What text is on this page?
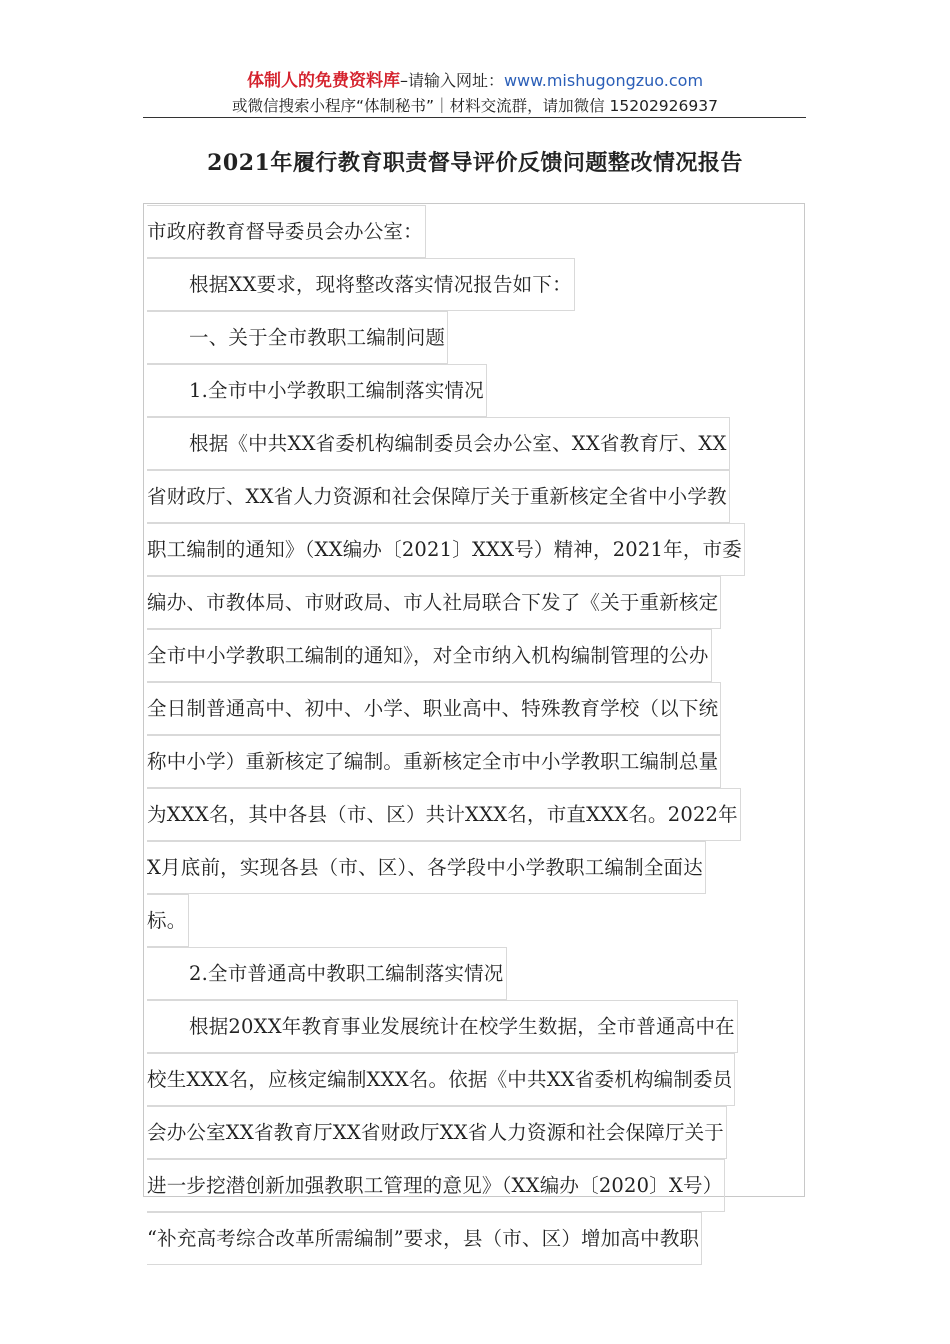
体制人的免费资料库–请输入网址：www.mishugongzuo.com
或微信搜索小程序“体制秘书”｜材料交流群，请加微信 15202926937
2021年履行教育职责督导评价反馈问题整改情况报告
市政府教育督导委员会办公室：
根据XX要求，现将整改落实情况报告如下：
一、关于全市教职工编制问题
1.全市中小学教职工编制落实情况
根据《中共XX省委机构编制委员会办公室、XX省教育厅、XX
省财政厅、XX省人力资源和社会保障厅关于重新核定全省中小学教
职工编制的通知》（XX编办〔2021〕XXX号）精神，2021年，市委
编办、市教体局、市财政局、市人社局联合下发了《关于重新核定
全市中小学教职工编制的通知》，对全市纳入机构编制管理的公办
全日制普通高中、初中、小学、职业高中、特殊教育学校（以下统
称中小学）重新核定了编制。重新核定全市中小学教职工编制总量
为XXX名，其中各县（市、区）共计XXX名，市直XXX名。2022年
X月底前，实现各县（市、区）、各学段中小学教职工编制全面达
标。
2.全市普通高中教职工编制落实情况
根据20XX年教育事业发展统计在校学生数据，全市普通高中在
校生XXX名，应核定编制XXX名。依据《中共XX省委机构编制委员
会办公室XX省教育厅XX省财政厅XX省人力资源和社会保障厅关于
进一步挖潜创新加强教职工管理的意见》（XX编办〔2020〕X号）
“补充高考综合改革所需编制”要求，县（市、区）增加高中教职
